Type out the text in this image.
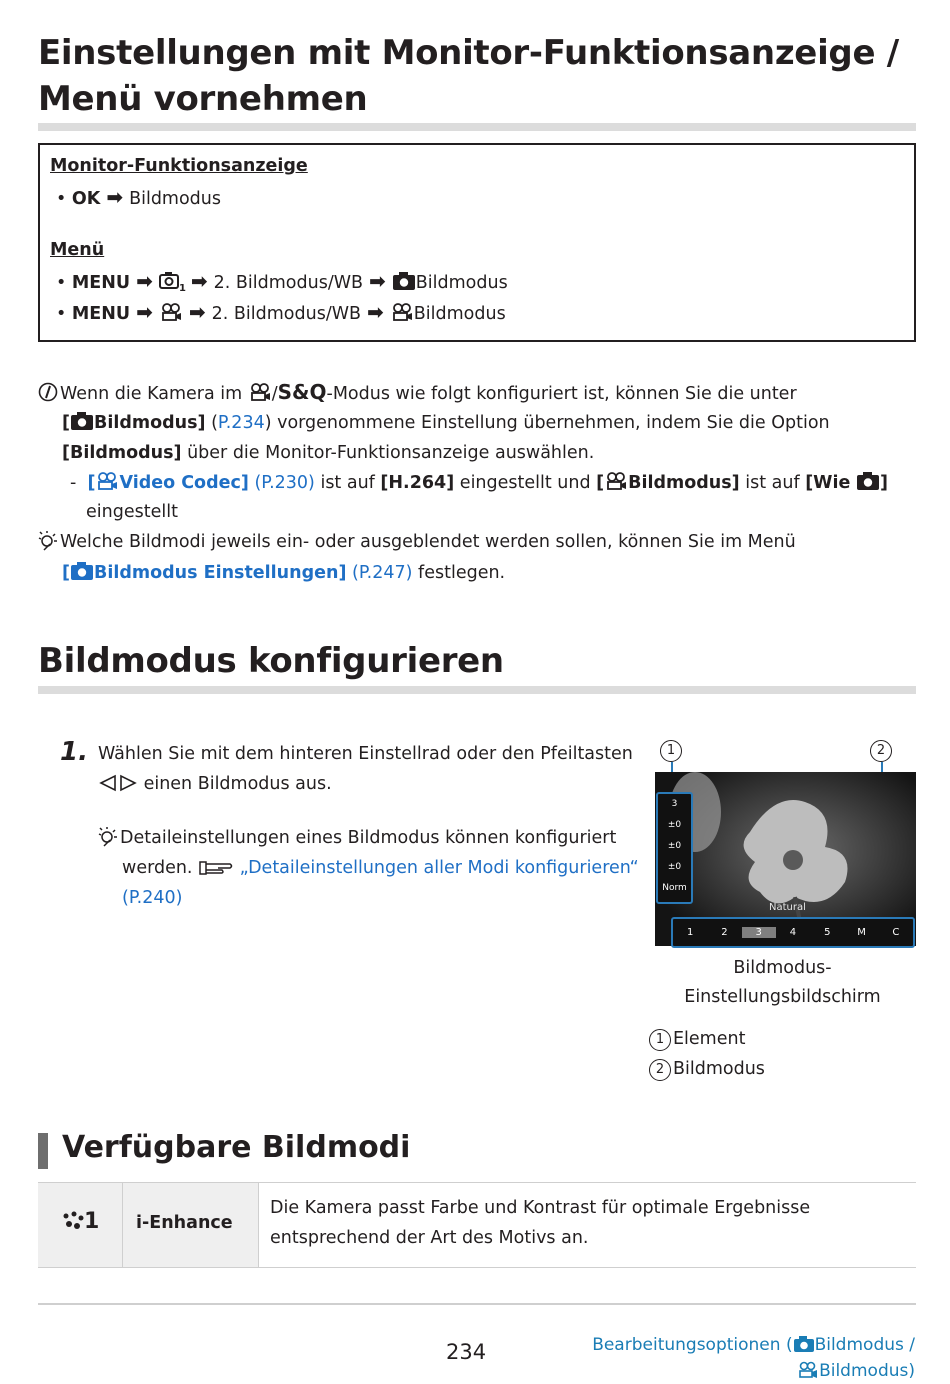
Einstellungen mit Monitor-Funktionsanzeige /
Menü vornehmen
Monitor-Funktionsanzeige
• OK ➡ Bildmodus
Menü
• MENU ➡	1 ➡ 2. Bildmodus/WB ➡ Bildmodus
• MENU ➡ ➡ 2. Bildmodus/WB ➡ Bildmodus
Wenn die Kamera im /S&Q-Modus wie folgt konfiguriert ist, können Sie die unter
[ Bildmodus] (P.234) vorgenommene Einstellung übernehmen, indem Sie die Option
[Bildmodus] über die Monitor-Funktionsanzeige auswählen.
- [ Video Codec] (P.230) ist auf [H.264] eingestellt und [ Bildmodus] ist auf [Wie ]
eingestellt
Welche Bildmodi jeweils ein- oder ausgeblendet werden sollen, können Sie im Menü
[ Bildmodus Einstellungen] (P.247) festlegen.
Bildmodus konfigurieren
1. Wählen Sie mit dem hinteren Einstellrad oder den Pfeiltasten
einen Bildmodus aus.
Detaileinstellungen eines Bildmodus können konfiguriert
werden.  „Detaileinstellungen aller Modi konfigurieren“
(P.240)
1	2
3
±0
±0
±0
Norm
Natural
1	2	3	4	5	M	C
Bildmodus-
Einstellungsbildschirm
1 Element
2 Bildmodus
Verfügbare Bildmodi
1 i-Enhance
Die Kamera passt Farbe und Kontrast für optimale Ergebnisse
entsprechend der Art des Motivs an.
234	Bearbeitungsoptionen ( Bildmodus /
Bildmodus)
